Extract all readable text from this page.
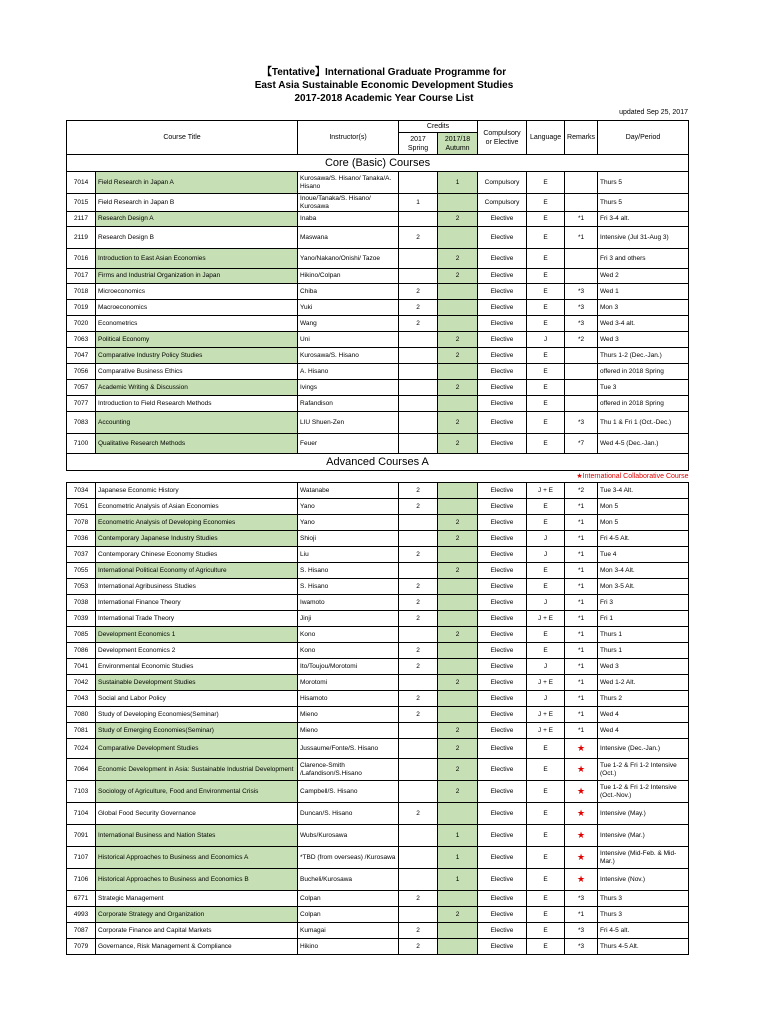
【Tentative】International Graduate Programme for
East Asia Sustainable Economic Development Studies
2017-2018 Academic Year Course List
updated Sep 25, 2017
Course Title		Instructor(s)	Credits		Compulsory or Elective	Language	Remarks	Day/Period
			2017 Spring	2017/18 Autumn				
Core (Basic) Courses								
7014	Field Research in Japan A	Kurosawa/S. Hisano/ Tanaka/A. Hisano		1	Compulsory	E		Thurs 5
7015	Field Research in Japan B	Inoue/Tanaka/S. Hisano/ Kurosawa	1		Compulsory	E		Thurs 5
2117	Research Design A	Inaba		2	Elective	E	*1	Fri 3-4 alt.
2119	Research Design B	Maswana	2		Elective	E	*1	Intensive (Jul 31-Aug 3)
7016	Introduction to East Asian Economies	Yano/Nakano/Onishi/ Tazoe		2	Elective	E		Fri 3 and others
7017	Firms and Industrial Organization in Japan	Hikino/Colpan		2	Elective	E		Wed 2
7018	Microeconomics	Chiba	2		Elective	E	*3	Wed 1
7019	Macroeconomics	Yuki	2		Elective	E	*3	Mon 3
7020	Econometrics	Wang	2		Elective	E	*3	Wed 3-4 alt.
7063	Political Economy	Uni		2	Elective	J	*2	Wed 3
7047	Comparative Industry Policy Studies	Kurosawa/S. Hisano		2	Elective	E		Thurs 1-2 (Dec.-Jan.)
7056	Comparative Business Ethics	A. Hisano			Elective	E		offered in 2018 Spring
7057	Academic Writing & Discussion	Ivings		2	Elective	E		Tue 3
7077	Introduction to Field Research Methods	Rafandison			Elective	E		offered in 2018 Spring
7083	Accounting	LIU Shuen-Zen		2	Elective	E	*3	Thu 1 & Fri 1 (Oct.-Dec.)
7100	Qualitative Research Methods	Feuer		2	Elective	E	*7	Wed 4-5 (Dec.-Jan.)
Advanced Courses A								
★International Collaborative Course								
7034	Japanese Economic History	Watanabe	2		Elective	J + E	*2	Tue 3-4 Alt.
7051	Econometric Analysis of Asian Economies	Yano	2		Elective	E	*1	Mon 5
7078	Econometric Analysis of Developing Economies	Yano		2	Elective	E	*1	Mon 5
7036	Contemporary Japanese Industry Studies	Shioji		2	Elective	J	*1	Fri 4-5 Alt.
7037	Contemporary Chinese Economy Studies	Liu	2		Elective	J	*1	Tue 4
7055	International Political Economy of Agriculture	S. Hisano		2	Elective	E	*1	Mon 3-4 Alt.
7053	International Agribusiness Studies	S. Hisano	2		Elective	E	*1	Mon 3-5 Alt.
7038	International Finance Theory	Iwamoto	2		Elective	J	*1	Fri 3
7039	International Trade Theory	Jinji	2		Elective	J + E	*1	Fri 1
7085	Development Economics 1	Kono		2	Elective	E	*1	Thurs 1
7086	Development Economics 2	Kono	2		Elective	E	*1	Thurs 1
7041	Environmental Economic Studies	Ito/Toujou/Morotomi	2		Elective	J	*1	Wed 3
7042	Sustainable Development Studies	Morotomi		2	Elective	J + E	*1	Wed 1-2 Alt.
7043	Social and Labor Policy	Hisamoto	2		Elective	J	*1	Thurs 2
7080	Study of Developing Economies(Seminar)	Mieno	2		Elective	J + E	*1	Wed 4
7081	Study of Emerging Economies(Seminar)	Mieno		2	Elective	J + E	*1	Wed 4
7024	Comparative Development Studies	Jussaume/Fonte/S. Hisano		2	Elective	E	★	Intensive (Dec.-Jan.)
7064	Economic Development in Asia: Sustainable Industrial Development	Clarence-Smith /Lafandison/S.Hisano		2	Elective	E	★	Tue 1-2 & Fri 1-2 Intensive (Oct.)
7103	Sociology of Agriculture, Food and Environmental Crisis	Campbell/S. Hisano		2	Elective	E	★	Tue 1-2 & Fri 1-2 Intensive (Oct.-Nov.)
7104	Global Food Security Governance	Duncan/S. Hisano	2		Elective	E	★	Intensive (May.)
7091	International Business and Nation States	Wubs/Kurosawa		1	Elective	E	★	Intensive (Mar.)
7107	Historical Approaches to Business and Economics A	*TBD (from overseas) /Kurosawa		1	Elective	E	★	Intensive (Mid-Feb. & Mid-Mar.)
7106	Historical Approaches to Business and Economics B	Bucheli/Kurosawa		1	Elective	E	★	Intensive (Nov.)
6771	Strategic Management	Colpan	2		Elective	E	*3	Thurs 3
4993	Corporate Strategy and Organization	Colpan		2	Elective	E	*1	Thurs 3
7087	Corporate Finance and Capital Markets	Kumagai	2		Elective	E	*3	Fri 4-5 alt.
7079	Governance, Risk Management & Compliance	Hikino	2		Elective	E	*3	Thurs 4-5 Alt.
